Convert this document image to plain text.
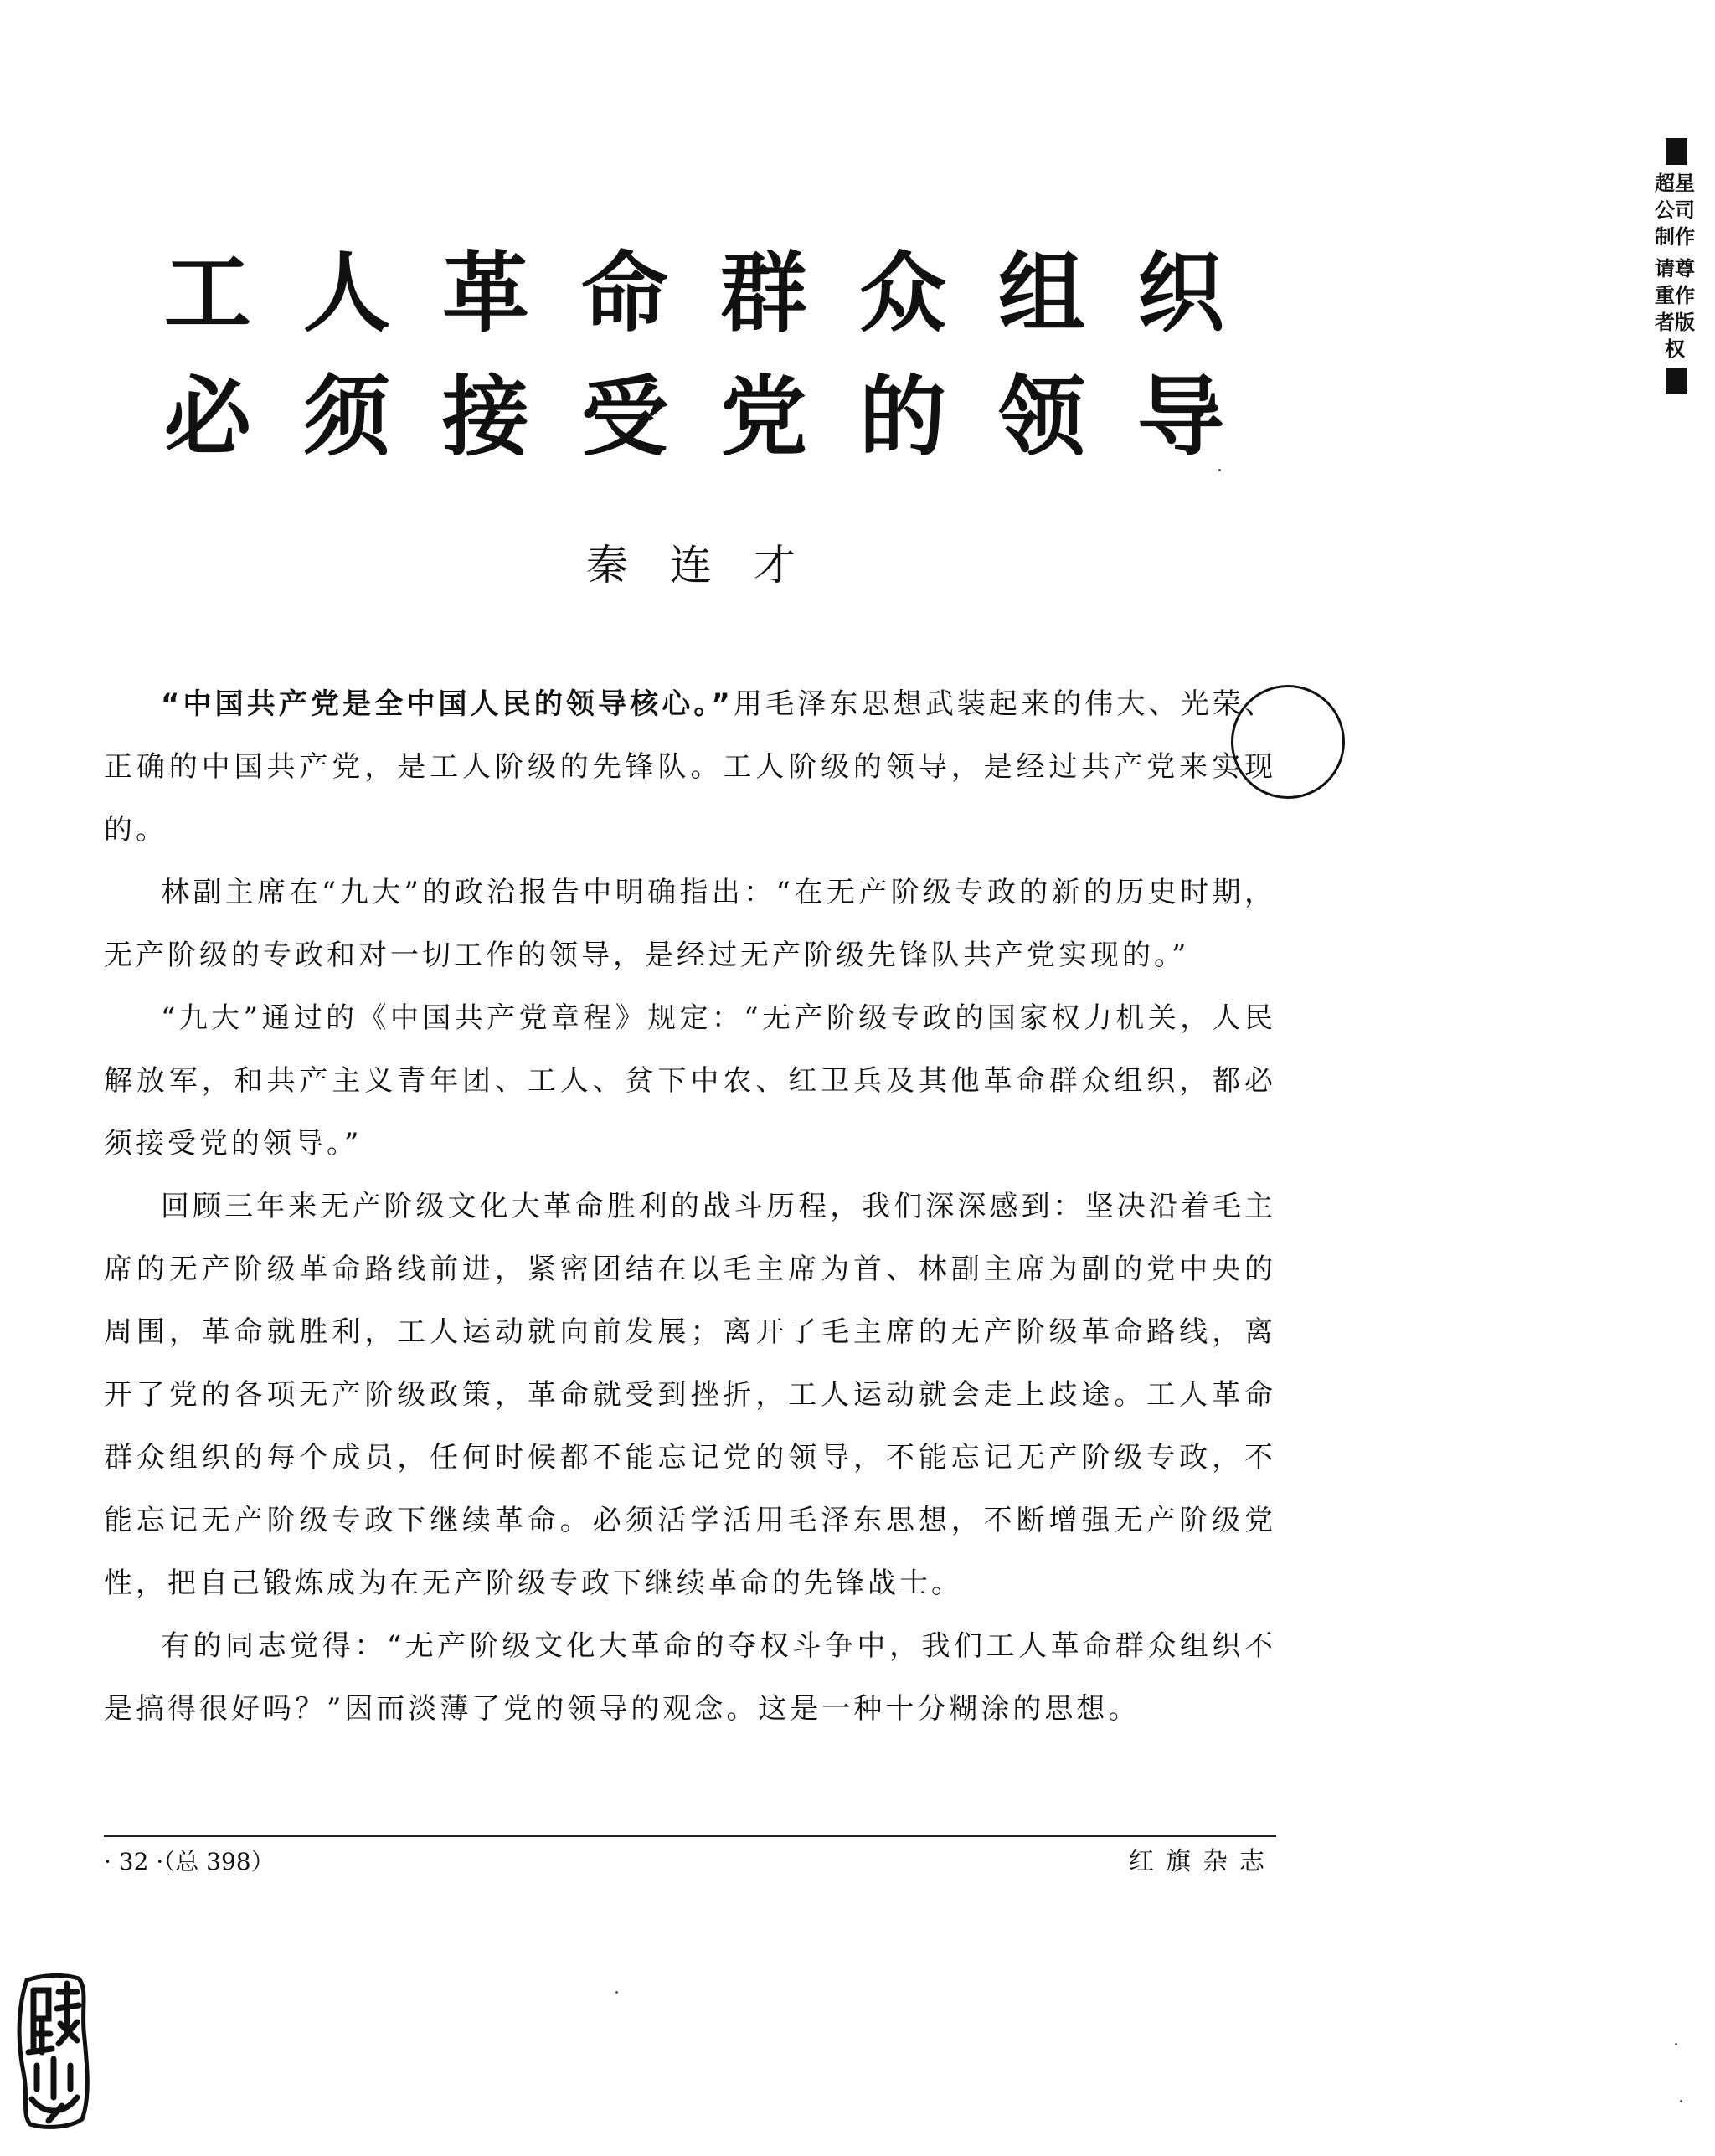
工人革命群众组织
必须接受党的领导
秦连才

“中国共产党是全中国人民的领导核心。”用毛泽东思想武装起来的伟大、光荣、正确的中国共产党，是工人阶级的先锋队。工人阶级的领导，是经过共产党来实现的。

林副主席在“九大”的政治报告中明确指出：“在无产阶级专政的新的历史时期，无产阶级的专政和对一切工作的领导，是经过无产阶级先锋队共产党实现的。”

“九大”通过的《中国共产党章程》规定：“无产阶级专政的国家权力机关，人民解放军，和共产主义青年团、工人、贫下中农、红卫兵及其他革命群众组织，都必须接受党的领导。”

回顾三年来无产阶级文化大革命胜利的战斗历程，我们深深感到：坚决沿着毛主席的无产阶级革命路线前进，紧密团结在以毛主席为首、林副主席为副的党中央的周围，革命就胜利，工人运动就向前发展；离开了毛主席的无产阶级革命路线，离开了党的各项无产阶级政策，革命就受到挫折，工人运动就会走上歧途。工人革命群众组织的每个成员，任何时候都不能忘记党的领导，不能忘记无产阶级专政，不能忘记无产阶级专政下继续革命。必须活学活用毛泽东思想，不断增强无产阶级党性，把自己锻炼成为在无产阶级专政下继续革命的先锋战士。

有的同志觉得：“无产阶级文化大革命的夺权斗争中，我们工人革命群众组织不是搞得很好吗？”因而淡薄了党的领导的观念。这是一种十分糊涂的思想。

· 32 ·（总 398）	红旗杂志
超星公司制作
请尊重作者版权
